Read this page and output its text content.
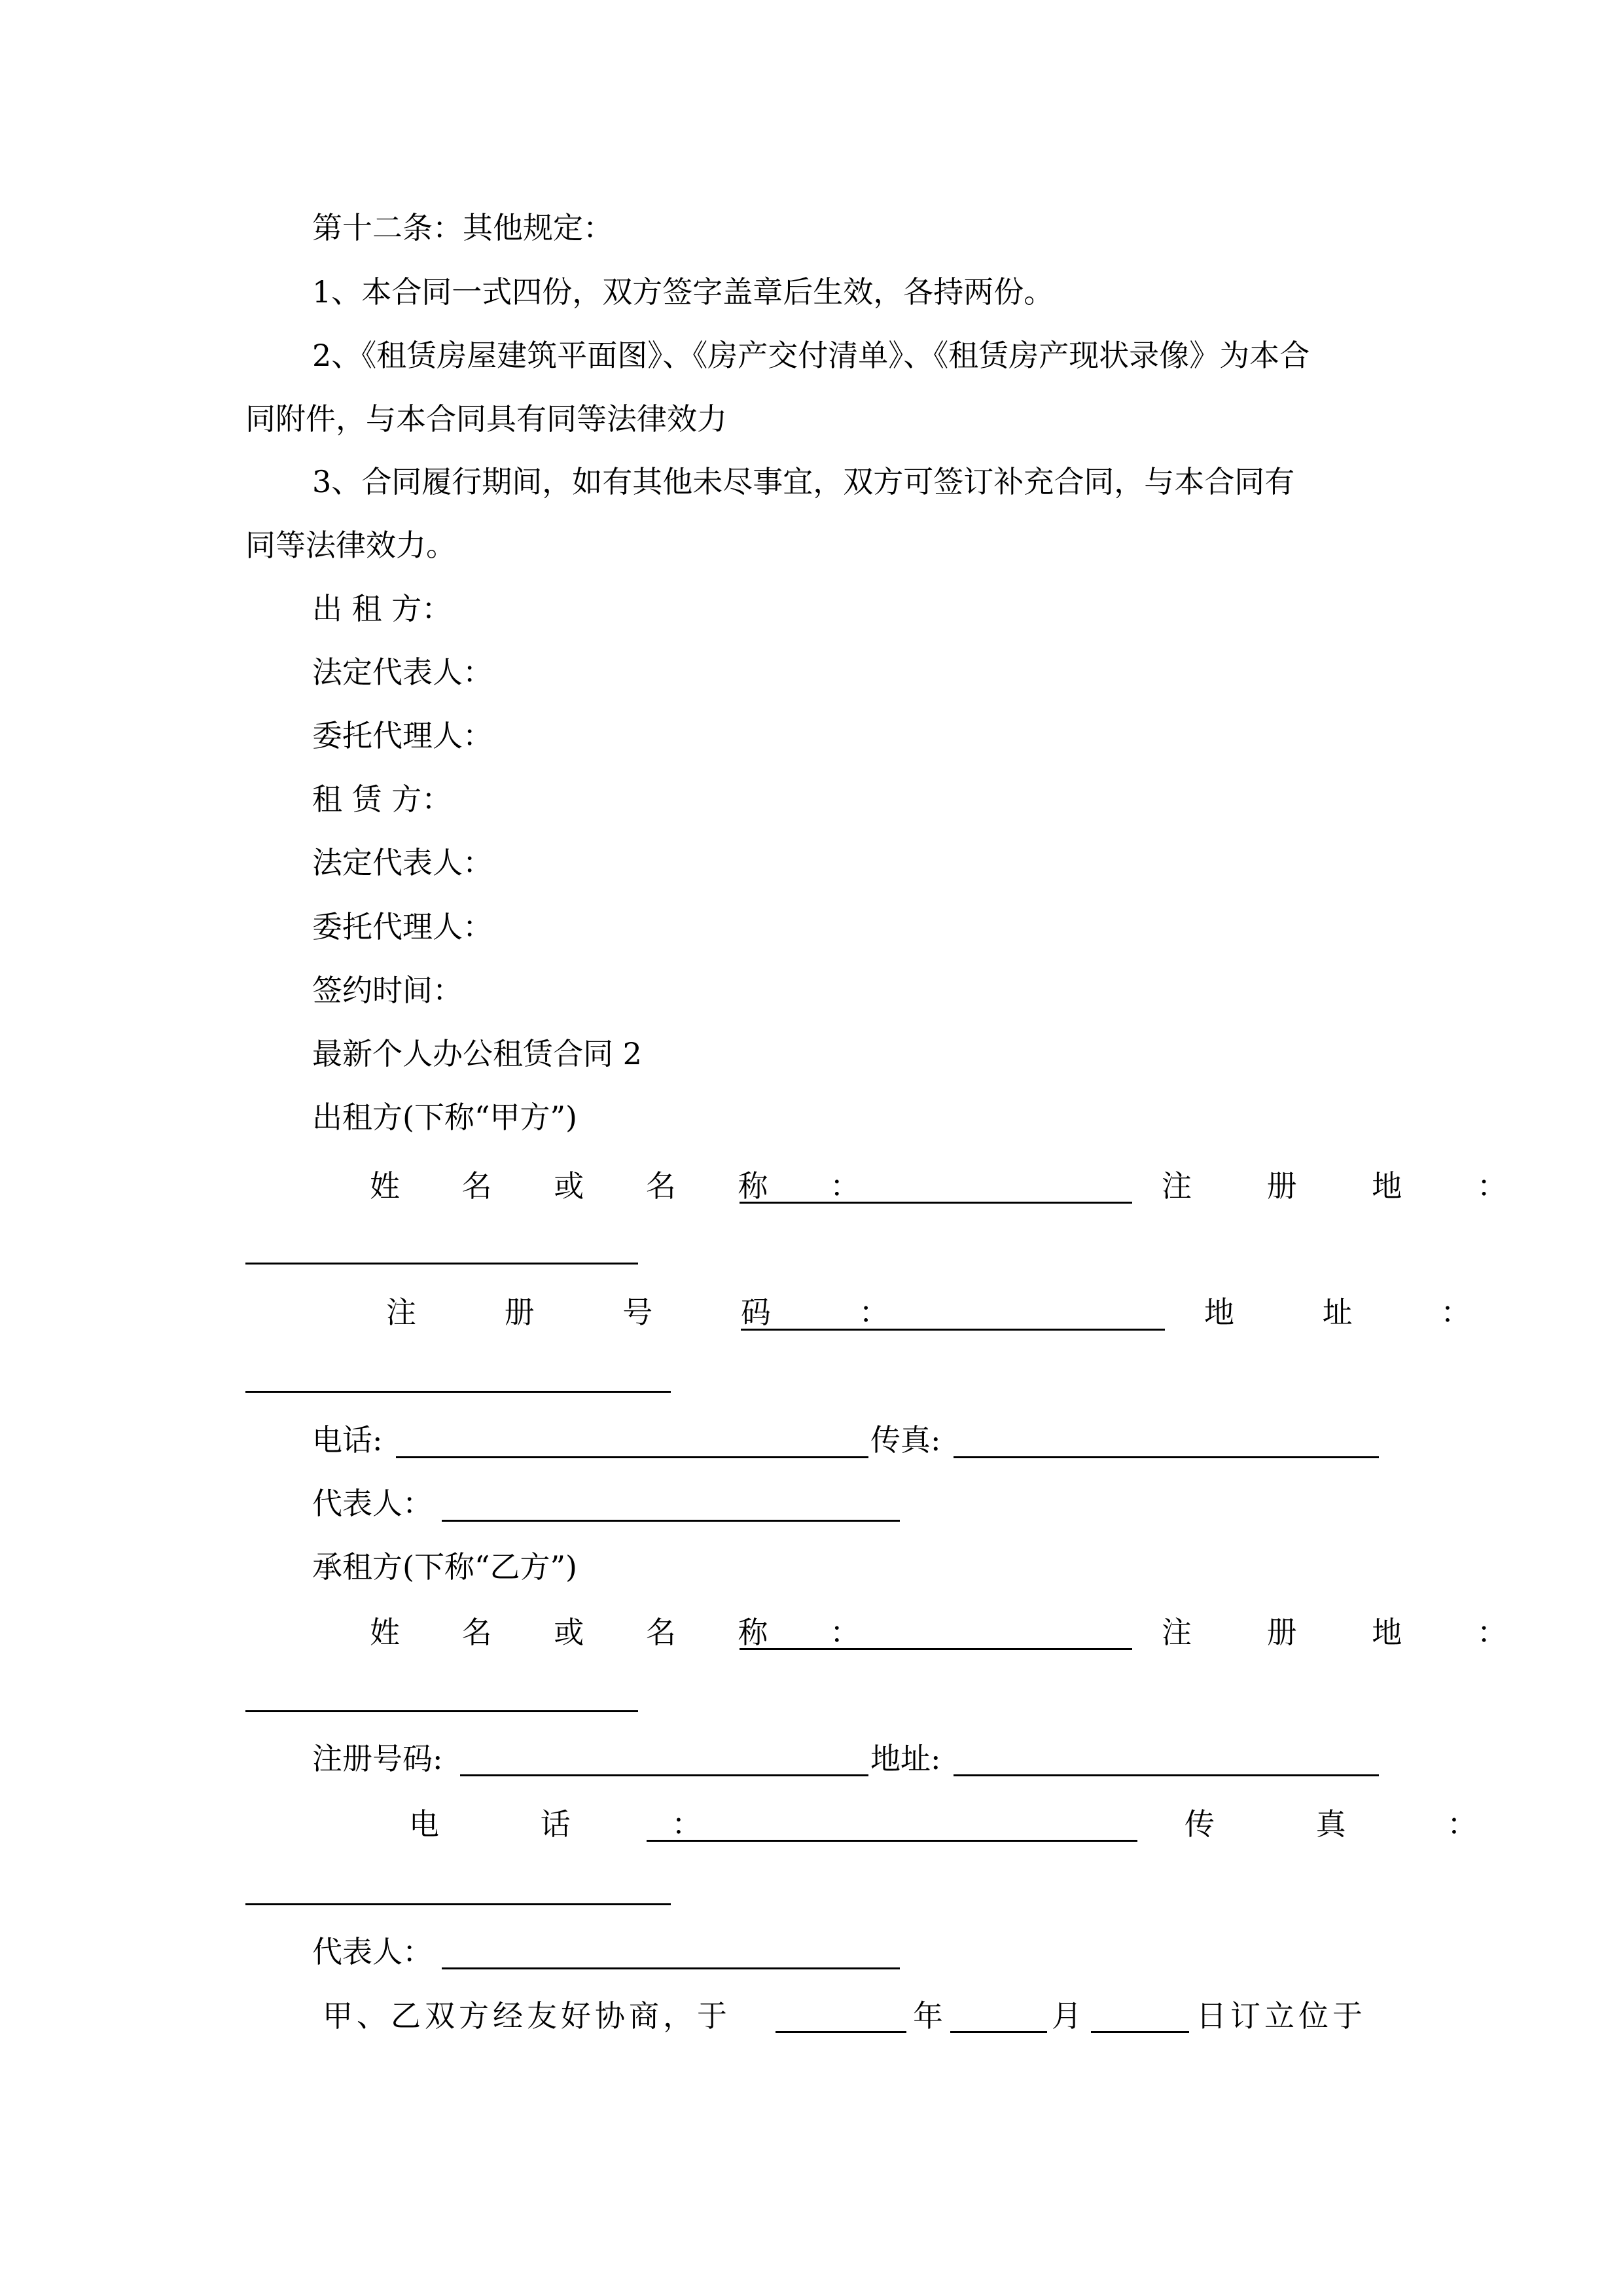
第十二条：其他规定：
1、本合同一式四份，双方签字盖章后生效，各持两份。
2、《租赁房屋建筑平面图》、《房产交付清单》、《租赁房产现状录像》为本合
同附件，与本合同具有同等法律效力
3、合同履行期间，如有其他未尽事宜，双方可签订补充合同，与本合同有
同等法律效力。
出 租 方：
法定代表人：
委托代理人：
租 赁 方：
法定代表人：
委托代理人：
签约时间：
最新个人办公租赁合同 2
出租方(下称“甲方”)
姓 名 或 名 称 ：	注 册 地 ：
注 册 号 码 ：	地 址 ：
电话:	传真:
代表人：
承租方(下称“乙方”)
姓 名 或 名 称 ：	注 册 地 ：
注册号码:	地址:
电 话 ：	传 真 ：
代表人：
甲、乙双方经友好协商，于	年	月	日订立位于
